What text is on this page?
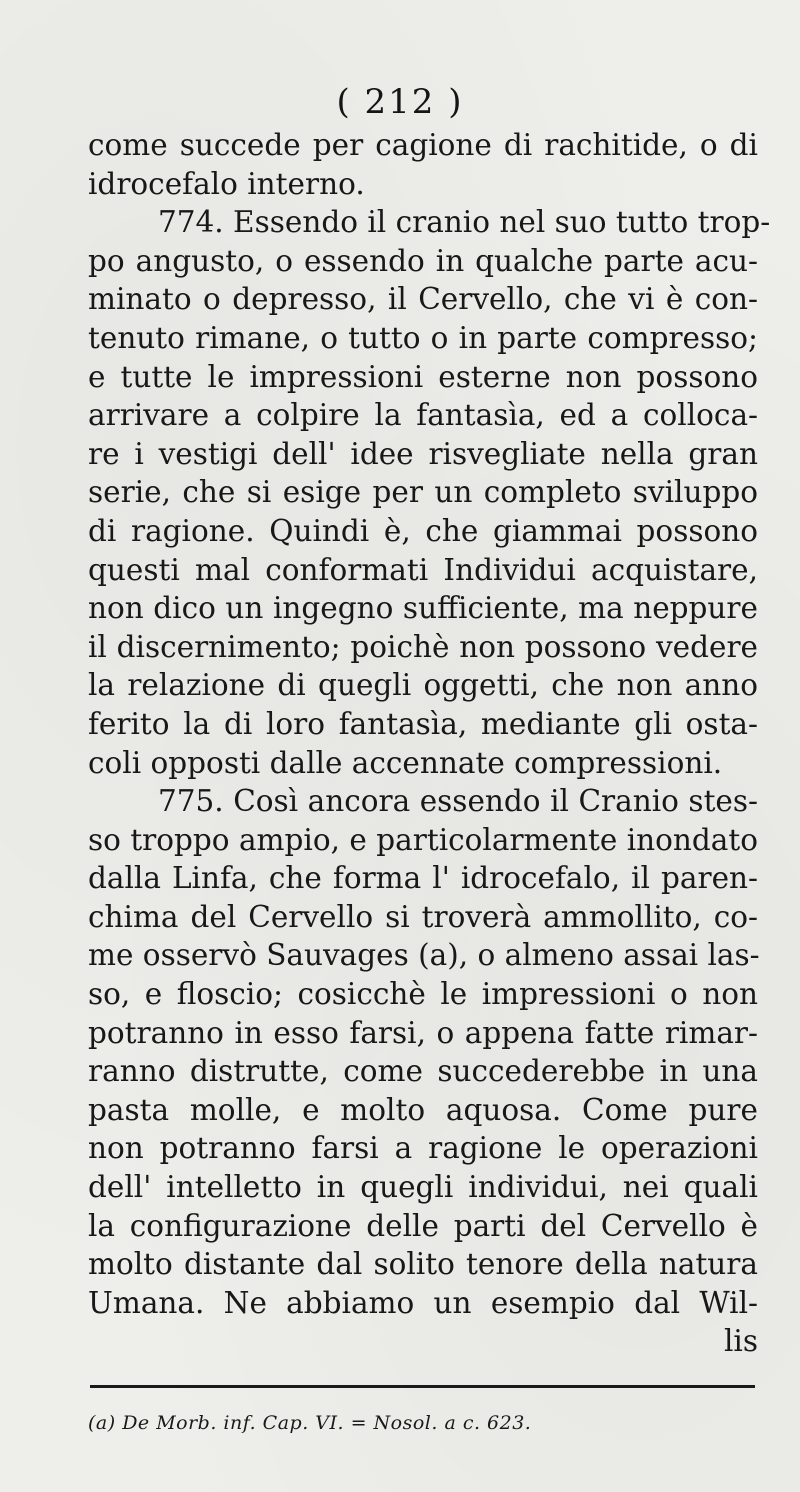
( 212 )
come succede per cagione di rachitide, o di
idrocefalo interno.
774. Essendo il cranio nel suo tutto trop-
po angusto, o essendo in qualche parte acu-
minato o depresso, il Cervello, che vi è con-
tenuto rimane, o tutto o in parte compresso;
e tutte le impressioni esterne non possono
arrivare a colpire la fantasìa, ed a colloca-
re i vestigi dell' idee risvegliate nella gran
serie, che si esige per un completo sviluppo
di ragione. Quindi è, che giammai possono
questi mal conformati Individui acquistare,
non dico un ingegno sufficiente, ma neppure
il discernimento; poichè non possono vedere
la relazione di quegli oggetti, che non anno
ferito la di loro fantasìa, mediante gli osta-
coli opposti dalle accennate compressioni.
775. Così ancora essendo il Cranio stes-
so troppo ampio, e particolarmente inondato
dalla Linfa, che forma l' idrocefalo, il paren-
chima del Cervello si troverà ammollito, co-
me osservò Sauvages (a), o almeno assai las-
so, e floscio; cosicchè le impressioni o non
potranno in esso farsi, o appena fatte rimar-
ranno distrutte, come succederebbe in una
pasta molle, e molto aquosa. Come pure
non potranno farsi a ragione le operazioni
dell' intelletto in quegli individui, nei quali
la configurazione delle parti del Cervello è
molto distante dal solito tenore della natura
Umana. Ne abbiamo un esempio dal Wil-
lis
(a) De Morb. inf. Cap. VI. = Nosol. a c. 623.
